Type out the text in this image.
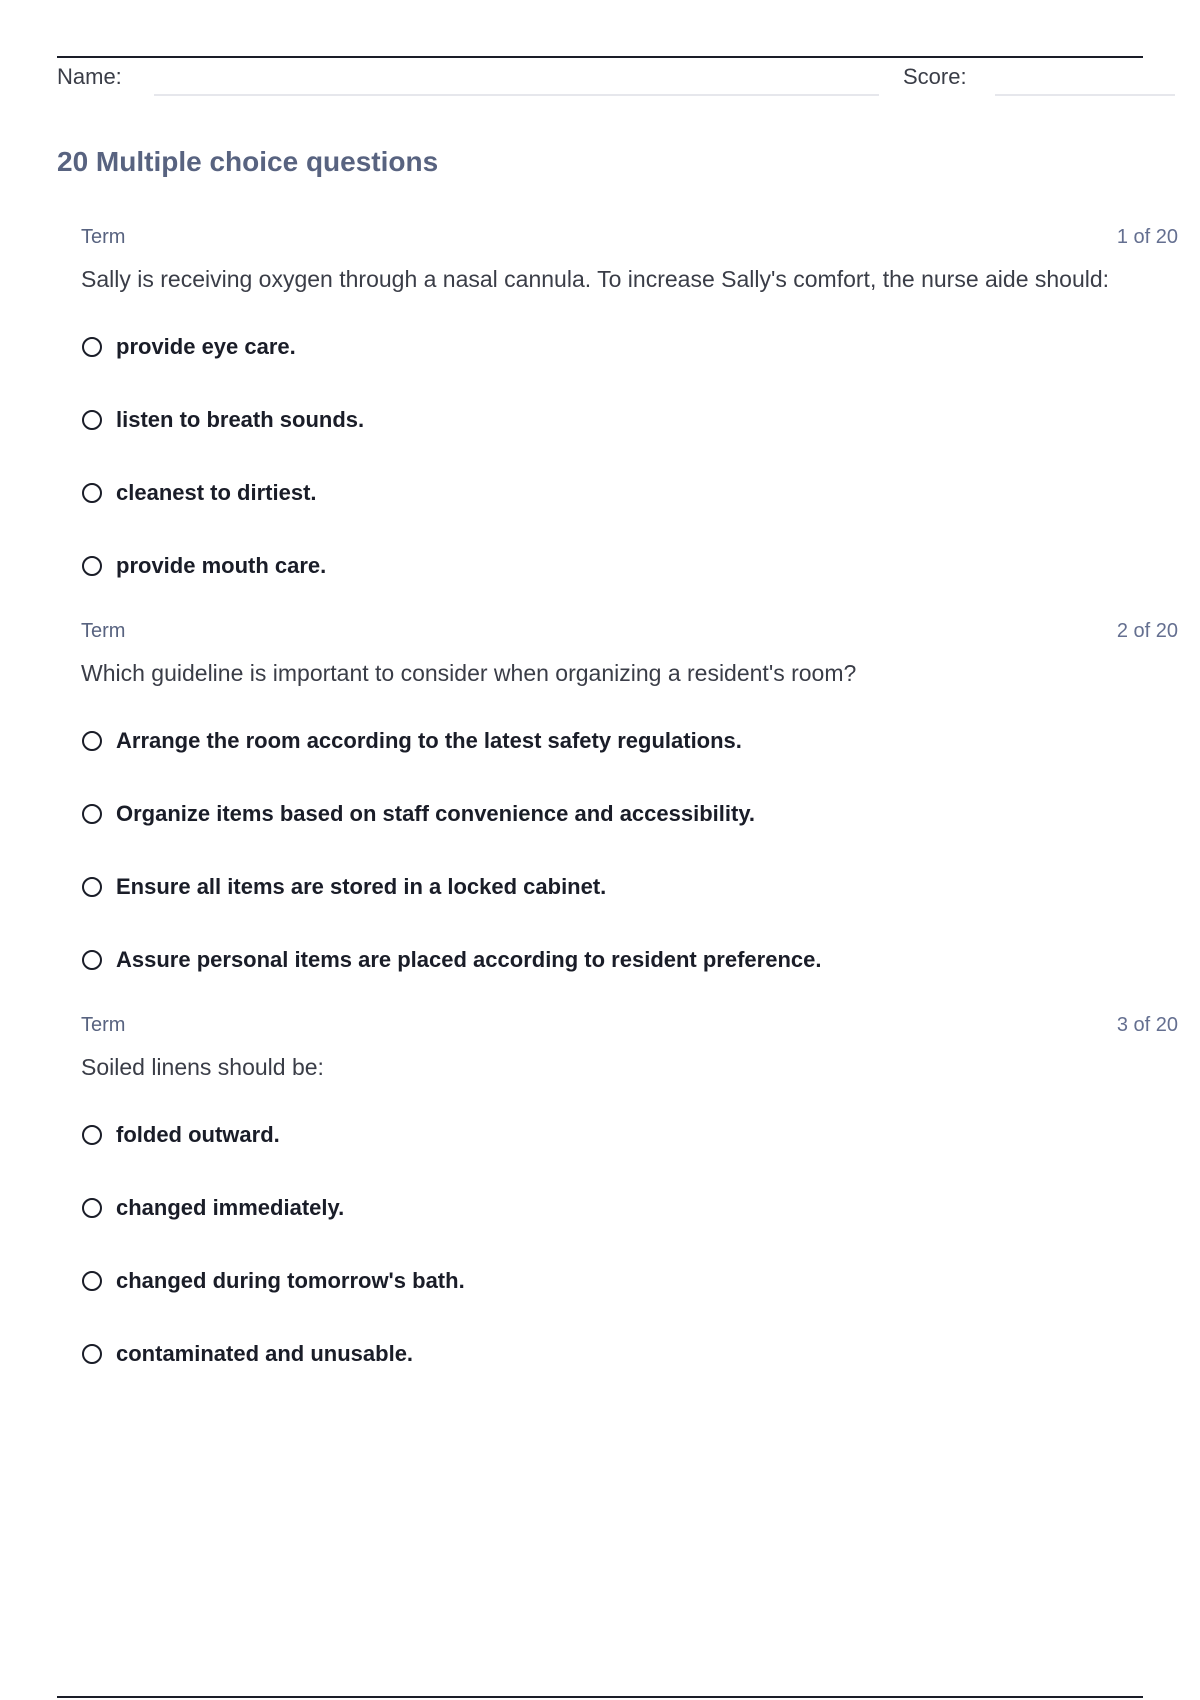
Name:	Score:
20 Multiple choice questions
Term	1 of 20
Sally is receiving oxygen through a nasal cannula. To increase Sally's comfort, the nurse aide should:
provide eye care.
listen to breath sounds.
cleanest to dirtiest.
provide mouth care.
Term	2 of 20
Which guideline is important to consider when organizing a resident's room?
Arrange the room according to the latest safety regulations.
Organize items based on staff convenience and accessibility.
Ensure all items are stored in a locked cabinet.
Assure personal items are placed according to resident preference.
Term	3 of 20
Soiled linens should be:
folded outward.
changed immediately.
changed during tomorrow's bath.
contaminated and unusable.
